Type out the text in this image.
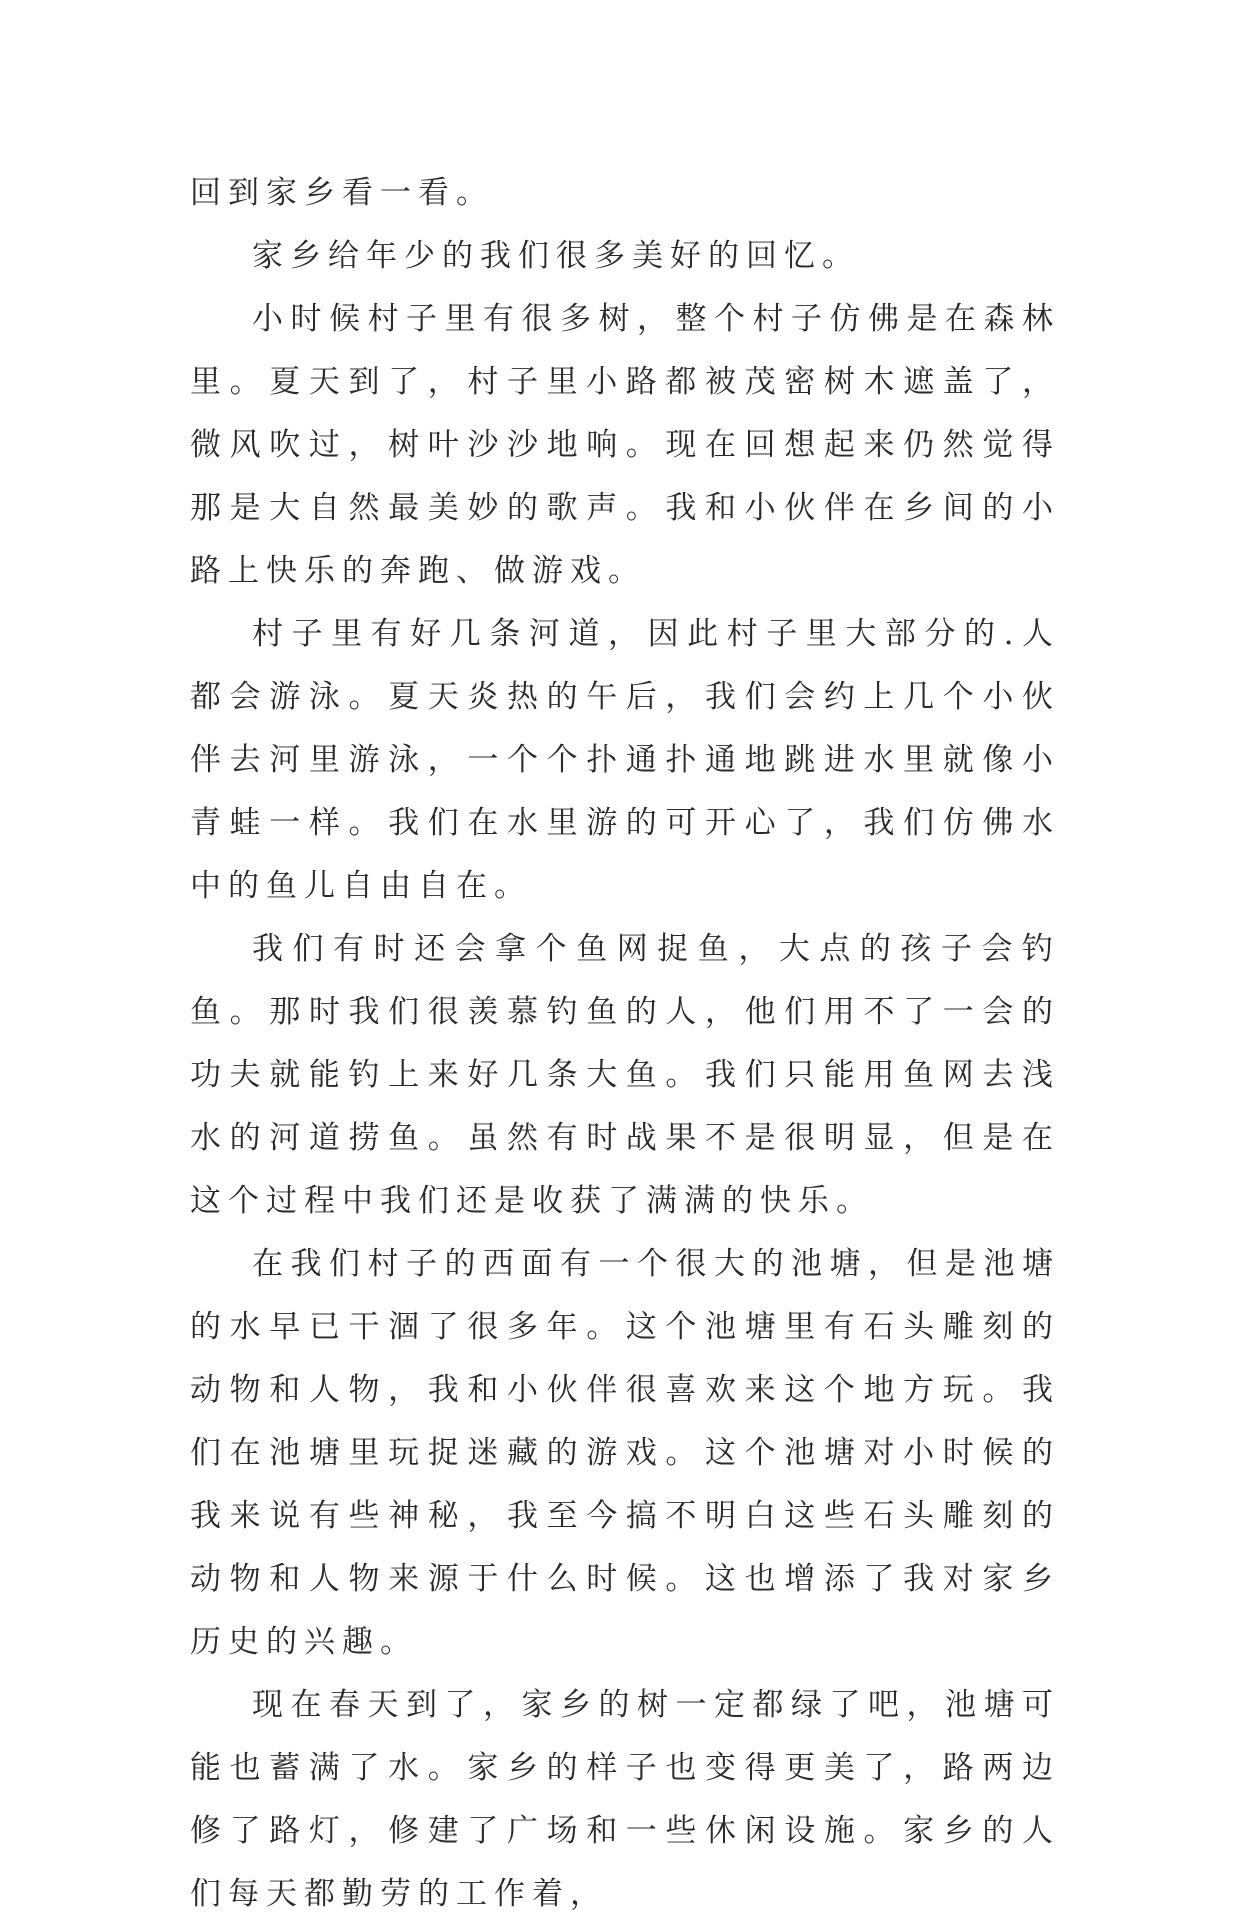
回到家乡看一看。

家乡给年少的我们很多美好的回忆。

小时候村子里有很多树，整个村子仿佛是在森林里。夏天到了，村子里小路都被茂密树木遮盖了，微风吹过，树叶沙沙地响。现在回想起来仍然觉得那是大自然最美妙的歌声。我和小伙伴在乡间的小路上快乐的奔跑、做游戏。

村子里有好几条河道，因此村子里大部分的.人都会游泳。夏天炎热的午后，我们会约上几个小伙伴去河里游泳，一个个扑通扑通地跳进水里就像小青蛙一样。我们在水里游的可开心了，我们仿佛水中的鱼儿自由自在。

我们有时还会拿个鱼网捉鱼，大点的孩子会钓鱼。那时我们很羡慕钓鱼的人，他们用不了一会的功夫就能钓上来好几条大鱼。我们只能用鱼网去浅水的河道捞鱼。虽然有时战果不是很明显，但是在这个过程中我们还是收获了满满的快乐。

在我们村子的西面有一个很大的池塘，但是池塘的水早已干涸了很多年。这个池塘里有石头雕刻的动物和人物，我和小伙伴很喜欢来这个地方玩。我们在池塘里玩捉迷藏的游戏。这个池塘对小时候的我来说有些神秘，我至今搞不明白这些石头雕刻的动物和人物来源于什么时候。这也增添了我对家乡历史的兴趣。

现在春天到了，家乡的树一定都绿了吧，池塘可能也蓄满了水。家乡的样子也变得更美了，路两边修了路灯，修建了广场和一些休闲设施。家乡的人们每天都勤劳的工作着，
